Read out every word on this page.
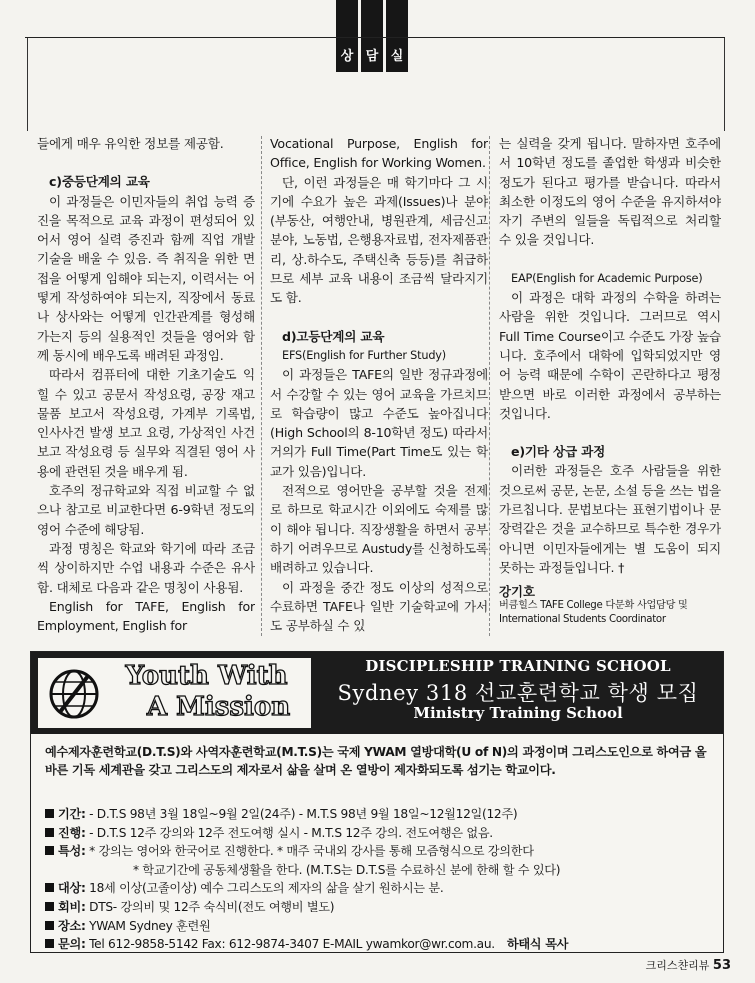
상 담 실

들에게 매우 유익한 정보를 제공함.

c)중등단계의 교육

이 과정들은 이민자들의 취업 능력 증진을 목적으로 교육 과정이 편성되어 있어서 영어 실력 증진과 함께 직업 개발 기술을 배울 수 있음. 즉 취직을 위한 면접을 어떻게 임해야 되는지, 이력서는 어떻게 작성하여야 되는지, 직장에서 동료나 상사와는 어떻게 인간관계를 형성해 가는지 등의 실용적인 것들을 영어와 함께 동시에 배우도록 배려된 과정임.

따라서 컴퓨터에 대한 기초기술도 익힐 수 있고 공문서 작성요령, 공장 재고 물품 보고서 작성요령, 가계부 기록법, 인사사건 발생 보고 요령, 가상적인 사건 보고 작성요령 등 실무와 직결된 영어 사용에 관련된 것을 배우게 됨.

호주의 정규학교와 직접 비교할 수 없으나 참고로 비교한다면 6-9학년 정도의 영어 수준에 해당됨.

과정 명칭은 학교와 학기에 따라 조금씩 상이하지만 수업 내용과 수준은 유사함. 대체로 다음과 같은 명칭이 사용됨.

English for TAFE, English for Employment, English for

Vocational Purpose, English for Office, English for Working Women.

단, 이런 과정들은 매 학기마다 그 시기에 수요가 높은 과제(Issues)나 분야(부동산, 여행안내, 병원관계, 세금신고분야, 노동법, 은행용자료법, 전자제품관리, 상.하수도, 주택신축 등등)를 취급하므로 세부 교육 내용이 조금씩 달라지기도 함.

d)고등단계의 교육

EFS(English for Further Study)

이 과정들은 TAFE의 일반 정규과정에서 수강할 수 있는 영어 교육을 가르치므로 학습량이 많고 수준도 높아집니다(High School의 8-10학년 정도) 따라서 거의가 Full Time(Part Time도 있는 학교가 있음)입니다.

전적으로 영어만을 공부할 것을 전제로 하므로 학교시간 이외에도 숙제를 많이 해야 됩니다. 직장생활을 하면서 공부하기 어려우므로 Austudy를 신청하도록 배려하고 있습니다.

이 과정을 중간 정도 이상의 성적으로 수료하면 TAFE나 일반 기술학교에 가서도 공부하실 수 있

는 실력을 갖게 됩니다. 말하자면 호주에서 10학년 정도를 졸업한 학생과 비슷한 정도가 된다고 평가를 받습니다. 따라서 최소한 이정도의 영어 수준을 유지하셔야 자기 주변의 일들을 독립적으로 처리할 수 있을 것입니다.

EAP(English for Academic Purpose)

이 과정은 대학 과정의 수학을 하려는 사람을 위한 것입니다. 그러므로 역시 Full Time Course이고 수준도 가장 높습니다. 호주에서 대학에 입학되었지만 영어 능력 때문에 수학이 곤란하다고 평정받으면 바로 이러한 과정에서 공부하는 것입니다.

e)기타 상급 과정

이러한 과정들은 호주 사람들을 위한 것으로써 공문, 논문, 소설 등을 쓰는 법을 가르칩니다. 문법보다는 표현기법이나 문장력같은 것을 교수하므로 특수한 경우가 아니면 이민자들에게는 별 도움이 되지 못하는 과정들입니다. †

강기호
버큼힐스 TAFE College 다문화 사업담당 및
International Students Coordinator
Youth With
A Mission
DISCIPLESHIP TRAINING SCHOOL
Sydney 318 선교훈련학교 학생 모집
Ministry Training School
예수제자훈련학교(D.T.S)와 사역자훈련학교(M.T.S)는 국제 YWAM 열방대학(U of N)의 과정이며 그리스도인으로 하여금 올바른 기독 세계관을 갖고 그리스도의 제자로서 삶을 살며 온 열방이 제자화되도록 섬기는 학교이다.
기간: - D.T.S 98년 3월 18일~9월 2일(24주) - M.T.S 98년 9월 18일~12월12일(12주)
진행: - D.T.S 12주 강의와 12주 전도여행 실시 - M.T.S 12주 강의. 전도여행은 없음.
특성: * 강의는 영어와 한국어로 진행한다. * 매주 국내외 강사를 통해 모즘형식으로 강의한다
* 학교기간에 공동체생활을 한다. (M.T.S는 D.T.S를 수료하신 분에 한해 할 수 있다)
대상: 18세 이상(고졸이상) 예수 그리스도의 제자의 삶을 살기 원하시는 분.
회비: DTS- 강의비 및 12주 숙식비(전도 여행비 별도)
장소: YWAM Sydney 훈련원
문의: Tel 612-9858-5142 Fax: 612-9874-3407 E-MAIL ywamkor@wr.com.au. 하태식 목사
크리스챤리뷰 53
